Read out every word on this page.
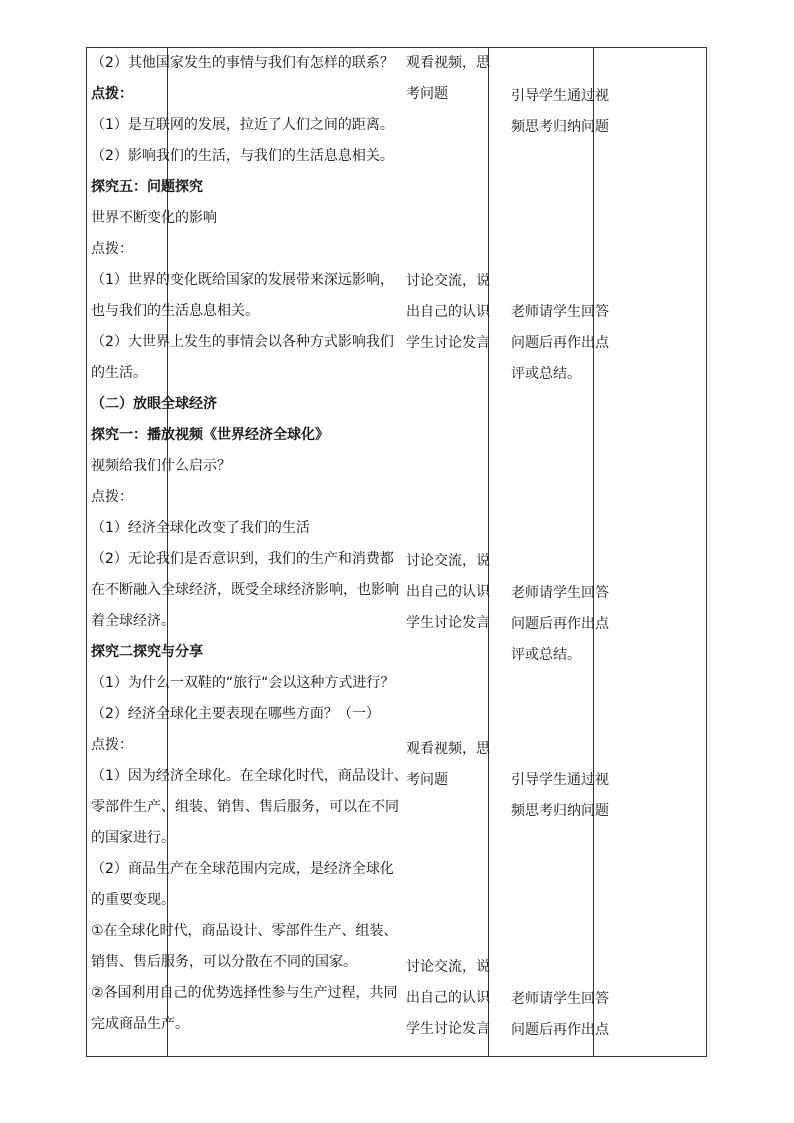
（2）其他国家发生的事情与我们有怎样的联系？
点拨：
（1）是互联网的发展，拉近了人们之间的距离。
（2）影响我们的生活，与我们的生活息息相关。
探究五：问题探究
世界不断变化的影响
点拨：
（1）世界的变化既给国家的发展带来深远影响，
也与我们的生活息息相关。
（2）大世界上发生的事情会以各种方式影响我们
的生活。
（二）放眼全球经济
探究一：播放视频《世界经济全球化》
视频给我们什么启示？
点拨：
（1）经济全球化改变了我们的生活
（2）无论我们是否意识到，我们的生产和消费都
在不断融入全球经济，既受全球经济影响，也影响
着全球经济。
探究二探究与分享
（1）为什么一双鞋的“旅行“会以这种方式进行？
（2）经济全球化主要表现在哪些方面？（一）
点拨：
（1）因为经济全球化。在全球化时代，商品设计、
零部件生产、组装、销售、售后服务，可以在不同
的国家进行。
（2）商品生产在全球范围内完成，是经济全球化
的重要变现。
①在全球化时代，商品设计、零部件生产、组装、
销售、售后服务，可以分散在不同的国家。
②各国利用自己的优势选择性参与生产过程，共同
完成商品生产。
观看视频，思
考问题
讨论交流，说
出自己的认识
学生讨论发言
讨论交流，说
出自己的认识
学生讨论发言
观看视频，思
考问题
讨论交流，说
出自己的认识
学生讨论发言
引导学生通过视
频思考归纳问题
老师请学生回答
问题后再作出点
评或总结。
老师请学生回答
问题后再作出点
评或总结。
引导学生通过视
频思考归纳问题
老师请学生回答
问题后再作出点
